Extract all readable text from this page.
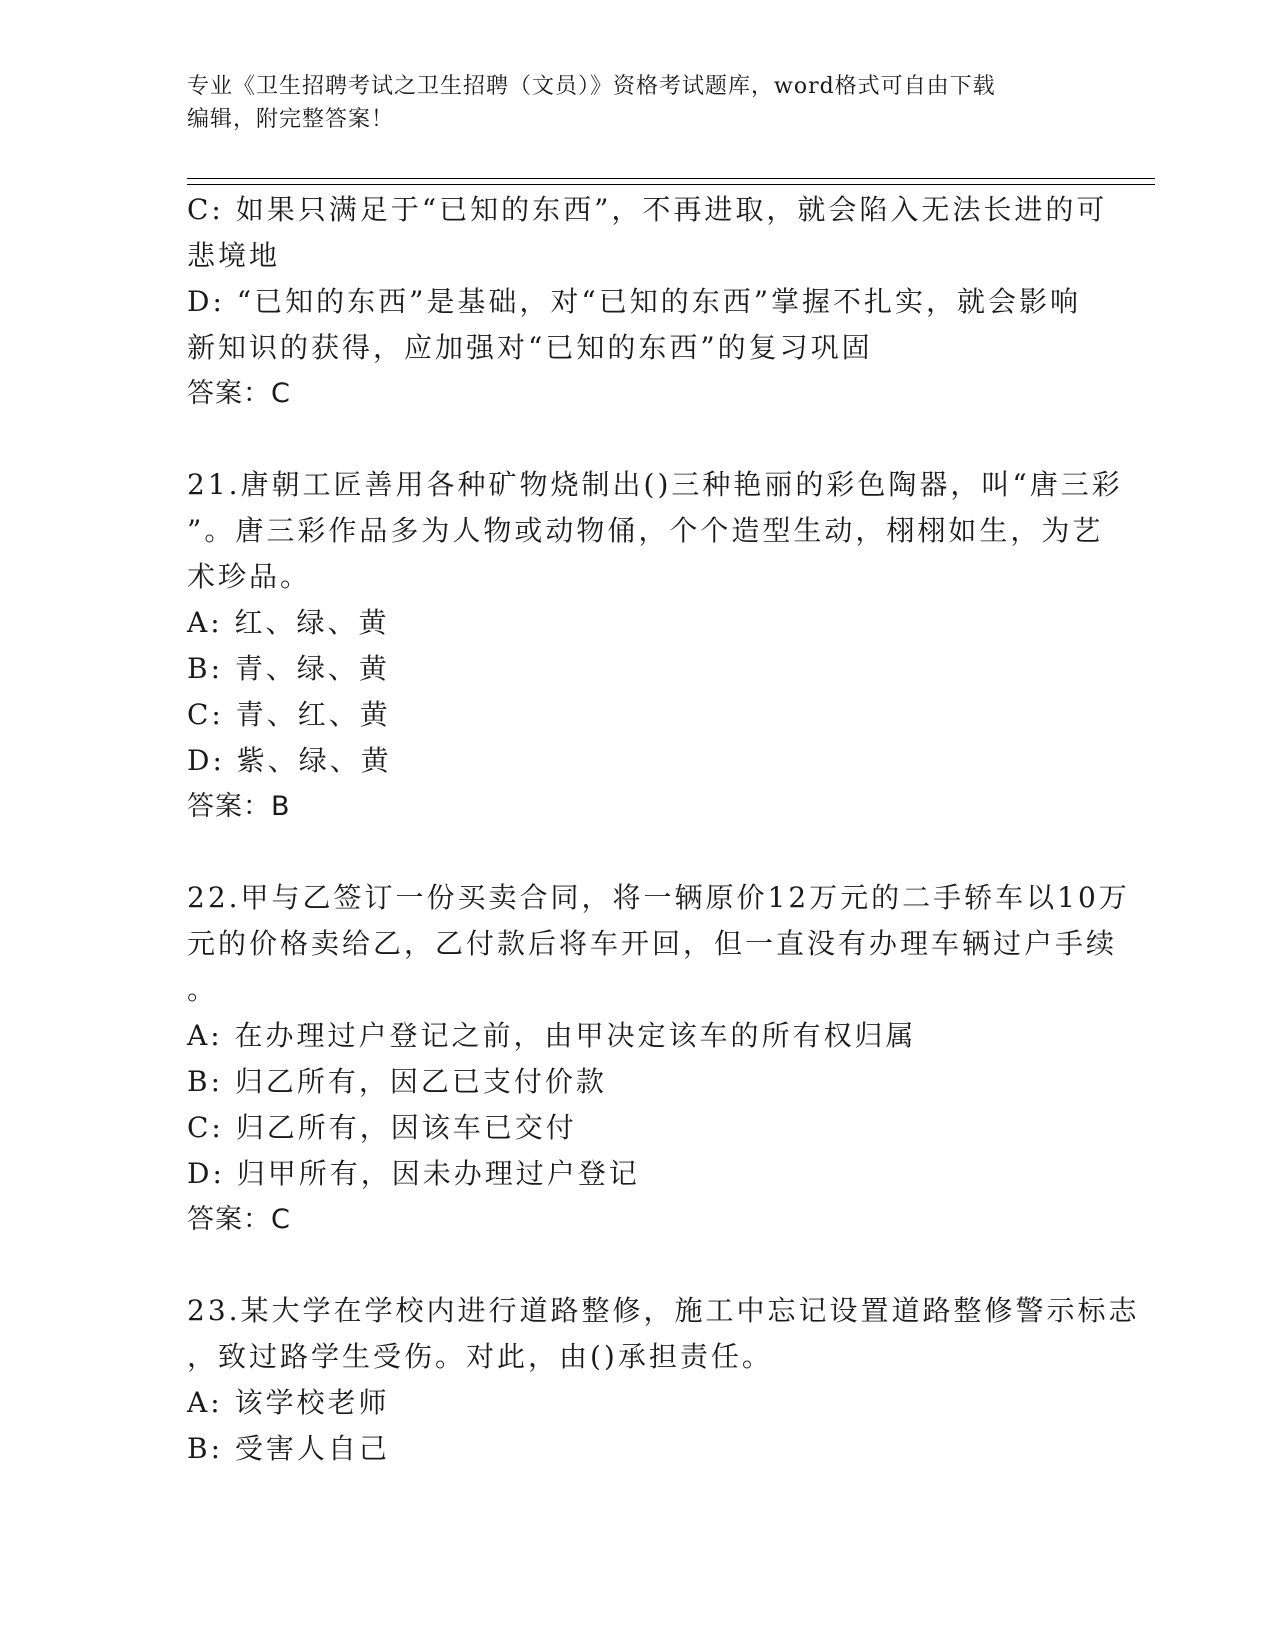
专业《卫生招聘考试之卫生招聘（文员）》资格考试题库，word格式可自由下载
编辑，附完整答案！
C: 如果只满足于“已知的东西”，不再进取，就会陷入无法长进的可
悲境地
D: “已知的东西”是基础，对“已知的东西”掌握不扎实，就会影响
新知识的获得，应加强对“已知的东西”的复习巩固
答案：C
21.唐朝工匠善用各种矿物烧制出()三种艳丽的彩色陶器，叫“唐三彩
”。唐三彩作品多为人物或动物俑，个个造型生动，栩栩如生，为艺
术珍品。
A: 红、绿、黄
B: 青、绿、黄
C: 青、红、黄
D: 紫、绿、黄
答案：B
22.甲与乙签订一份买卖合同，将一辆原价12万元的二手轿车以10万
元的价格卖给乙，乙付款后将车开回，但一直没有办理车辆过户手续
。
A: 在办理过户登记之前，由甲决定该车的所有权归属
B: 归乙所有，因乙已支付价款
C: 归乙所有，因该车已交付
D: 归甲所有，因未办理过户登记
答案：C
23.某大学在学校内进行道路整修，施工中忘记设置道路整修警示标志
，致过路学生受伤。对此，由()承担责任。
A: 该学校老师
B: 受害人自己
